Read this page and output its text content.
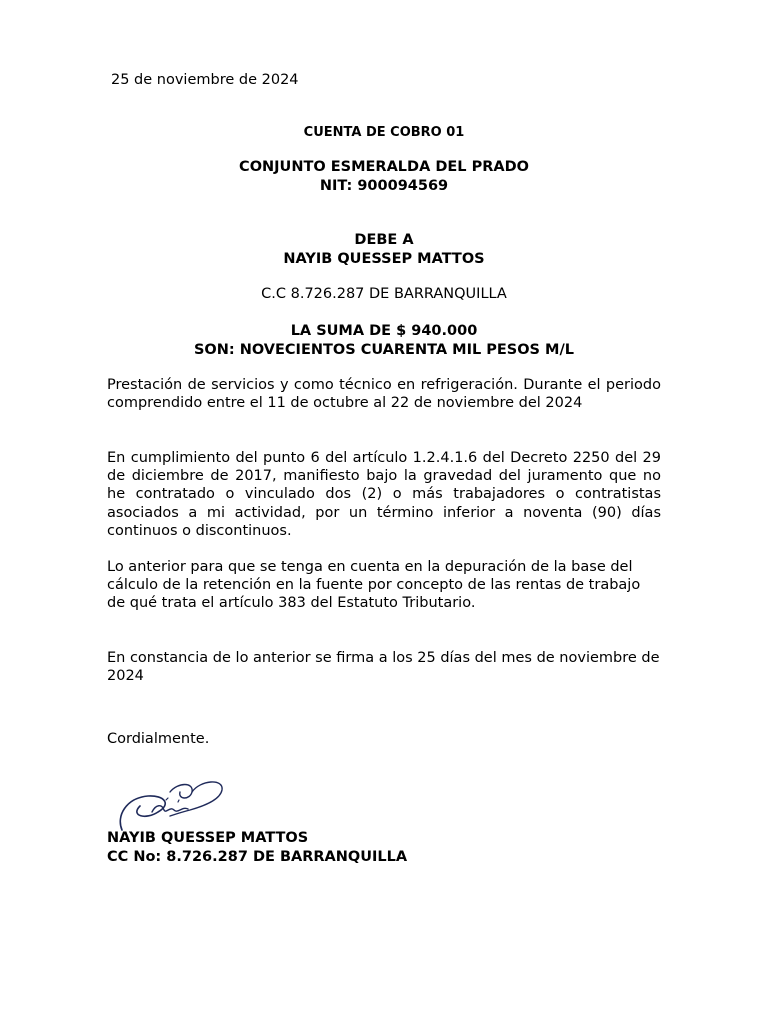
25 de noviembre de 2024
CUENTA DE COBRO 01
CONJUNTO ESMERALDA DEL PRADO
NIT: 900094569
DEBE A
NAYIB QUESSEP MATTOS
C.C 8.726.287 DE BARRANQUILLA
LA SUMA DE $ 940.000
SON: NOVECIENTOS CUARENTA MIL PESOS M/L
Prestación de servicios y como técnico en refrigeración. Durante el periodo comprendido entre el 11 de octubre al 22 de noviembre del 2024
En cumplimiento del punto 6 del artículo 1.2.4.1.6 del Decreto 2250 del 29 de diciembre de 2017, manifiesto bajo la gravedad del juramento que no he contratado o vinculado dos (2) o más trabajadores o contratistas asociados a mi actividad, por un término inferior a noventa (90) días continuos o discontinuos.
Lo anterior para que se tenga en cuenta en la depuración de la base del cálculo de la retención en la fuente por concepto de las rentas de trabajo de qué trata el artículo 383 del Estatuto Tributario.
En constancia de lo anterior se firma a los 25 días del mes de noviembre de 2024
Cordialmente.
NAYIB QUESSEP MATTOS
CC No: 8.726.287 DE BARRANQUILLA
